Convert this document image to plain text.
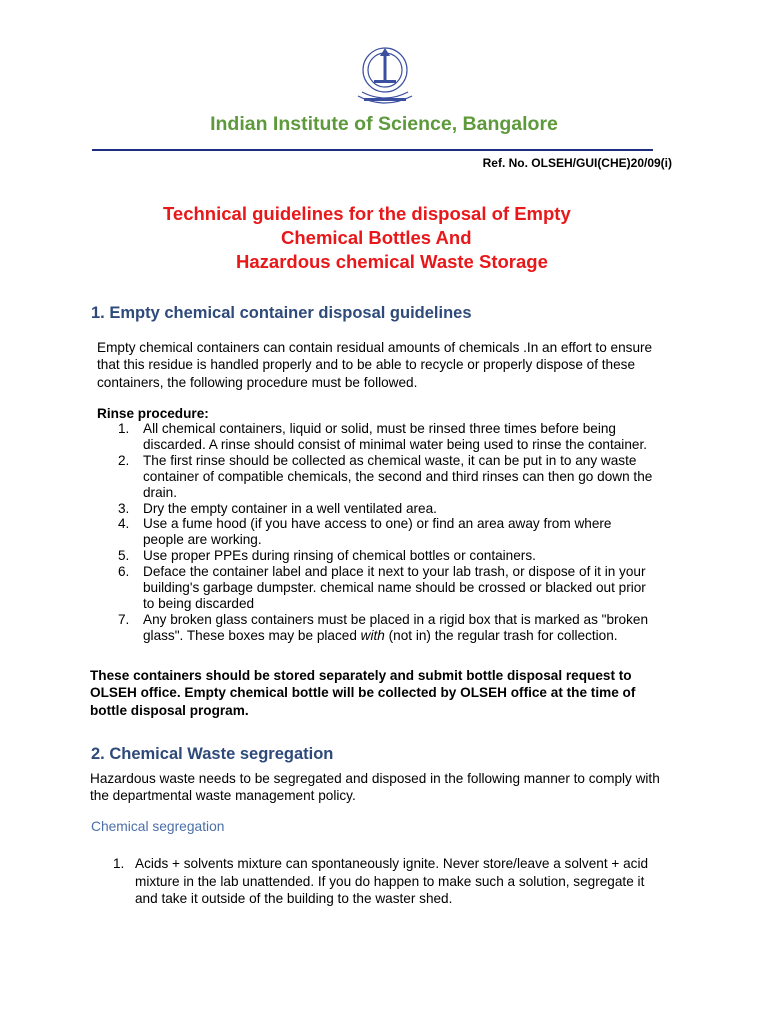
Indian Institute of Science, Bangalore
Ref. No. OLSEH/GUI(CHE)20/09(i)
Technical guidelines for the disposal of Empty
Chemical Bottles And
Hazardous chemical Waste Storage
1. Empty chemical container disposal guidelines
Empty chemical containers can contain residual amounts of chemicals .In an effort to ensure
that this residue is handled properly and to be able to recycle or properly dispose of these
containers, the following procedure must be followed.
Rinse procedure:
1. All chemical containers, liquid or solid, must be rinsed three times before being
discarded. A rinse should consist of minimal water being used to rinse the container.
2. The first rinse should be collected as chemical waste, it can be put in to any waste
container of compatible chemicals, the second and third rinses can then go down the
drain.
3. Dry the empty container in a well ventilated area.
4. Use a fume hood (if you have access to one) or find an area away from where
people are working.
5. Use proper PPEs during rinsing of chemical bottles or containers.
6. Deface the container label and place it next to your lab trash, or dispose of it in your
building's garbage dumpster. chemical name should be crossed or blacked out prior
to being discarded
7. Any broken glass containers must be placed in a rigid box that is marked as "broken
glass". These boxes may be placed with (not in) the regular trash for collection.
These containers should be stored separately and submit bottle disposal request to
OLSEH office. Empty chemical bottle will be collected by OLSEH office at the time of
bottle disposal program.
2. Chemical Waste segregation
Hazardous waste needs to be segregated and disposed in the following manner to comply with
the departmental waste management policy.
Chemical segregation
1. Acids + solvents mixture can spontaneously ignite. Never store/leave a solvent + acid
mixture in the lab unattended. If you do happen to make such a solution, segregate it
and take it outside of the building to the waster shed.
